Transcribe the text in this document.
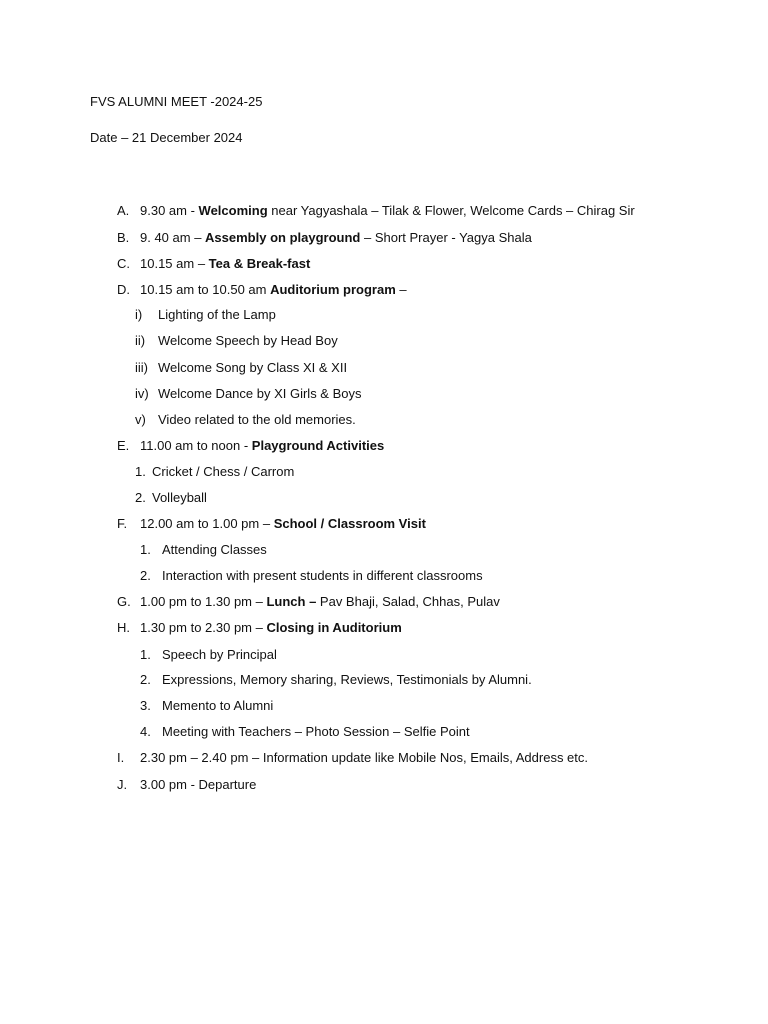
FVS ALUMNI MEET -2024-25
Date – 21 December 2024
A. 9.30 am - Welcoming near Yagyashala – Tilak & Flower, Welcome Cards – Chirag Sir
B. 9. 40 am – Assembly on playground – Short Prayer - Yagya Shala
C. 10.15 am – Tea & Break-fast
D. 10.15 am to 10.50 am Auditorium program –
i) Lighting of the Lamp
ii) Welcome Speech by Head Boy
iii) Welcome Song by Class XI & XII
iv) Welcome Dance by XI Girls & Boys
v) Video related to the old memories.
E. 11.00 am to noon - Playground Activities
1. Cricket / Chess / Carrom
2. Volleyball
F. 12.00 am to 1.00 pm – School / Classroom Visit
1. Attending Classes
2. Interaction with present students in different classrooms
G. 1.00 pm to 1.30 pm – Lunch – Pav Bhaji, Salad, Chhas, Pulav
H. 1.30 pm to 2.30 pm – Closing in Auditorium
1. Speech by Principal
2. Expressions, Memory sharing, Reviews, Testimonials by Alumni.
3. Memento to Alumni
4. Meeting with Teachers – Photo Session – Selfie Point
I. 2.30 pm – 2.40 pm – Information update like Mobile Nos, Emails, Address etc.
J. 3.00 pm - Departure
